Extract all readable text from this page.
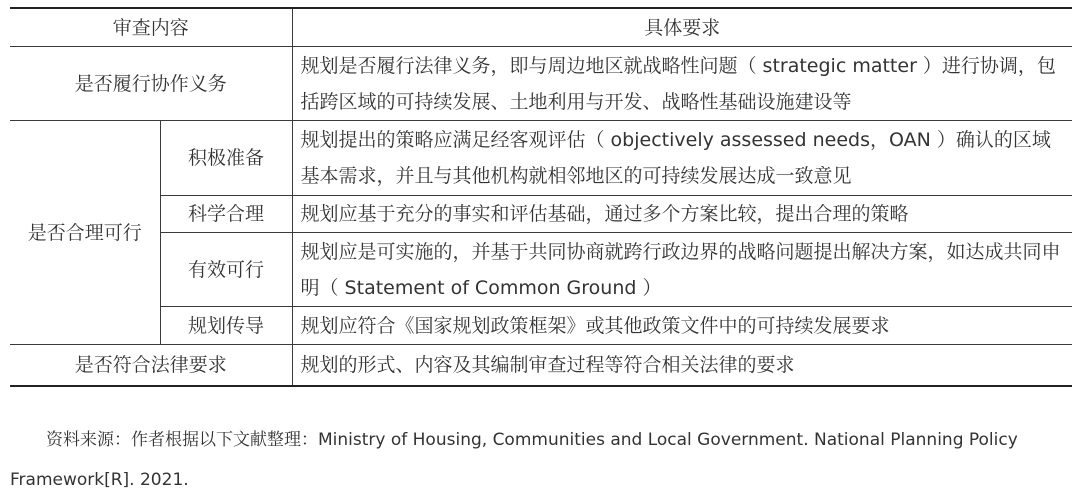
审查内容		具体要求
是否履行协作义务		规划是否履行法律义务，即与周边地区就战略性问题（ strategic matter ）进行协调，包括跨区域的可持续发展、土地利用与开发、战略性基础设施建设等
是否合理可行	积极准备	规划提出的策略应满足经客观评估（ objectively assessed needs，OAN ）确认的区域基本需求，并且与其他机构就相邻地区的可持续发展达成一致意见
	科学合理	规划应基于充分的事实和评估基础，通过多个方案比较，提出合理的策略
	有效可行	规划应是可实施的，并基于共同协商就跨行政边界的战略问题提出解决方案，如达成共同申明（ Statement of Common Ground ）
	规划传导	规划应符合《国家规划政策框架》或其他政策文件中的可持续发展要求
是否符合法律要求		规划的形式、内容及其编制审查过程等符合相关法律的要求

资料来源：作者根据以下文献整理：Ministry of Housing, Communities and Local Government. National Planning Policy Framework[R]. 2021.
